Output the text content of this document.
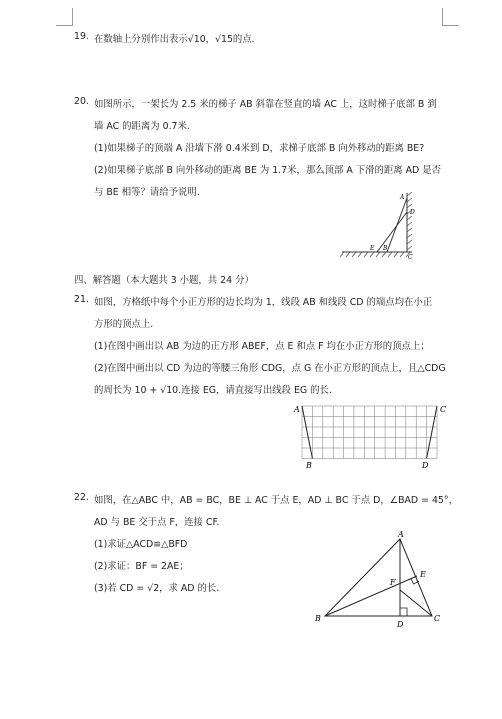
19. 在数轴上分别作出表示√10，√15的点.
20. 如图所示，一架长为 2.5 米的梯子 AB 斜靠在竖直的墙 AC 上，这时梯子底部 B 到
墙 AC 的距离为 0.7米.
(1)如果梯子的顶端 A 沿墙下滑 0.4米到 D，求梯子底部 B 向外移动的距离 BE?
(2)如果梯子底部 B 向外移动的距离 BE 为 1.7米，那么顶部 A 下滑的距离 AD 是否
与 BE 相等？请给予说明.	A
D
E B
C
四、解答题（本大题共 3 小题，共 24 分）
21. 如图，方格纸中每个小正方形的边长均为 1，线段 AB 和线段 CD 的端点均在小正
方形的顶点上.
(1)在图中画出以 AB 为边的正方形 ABEF，点 E 和点 F 均在小正方形的顶点上；
(2)在图中画出以 CD 为边的等腰三角形 CDG，点 G 在小正方形的顶点上，且△CDG
的周长为 10 + √10.连接 EG，请直接写出线段 EG 的长.
A
B
C
D
22. 如图，在△ABC 中，AB = BC，BE ⊥ AC 于点 E，AD ⊥ BC 于点 D，∠BAD = 45°，
AD 与 BE 交于点 F，连接 CF.
(1)求证△ACD≌△BFD
(2)求证：BF = 2AE；
(3)若 CD = √2，求 AD 的长.
A
B	C
D
E
F
